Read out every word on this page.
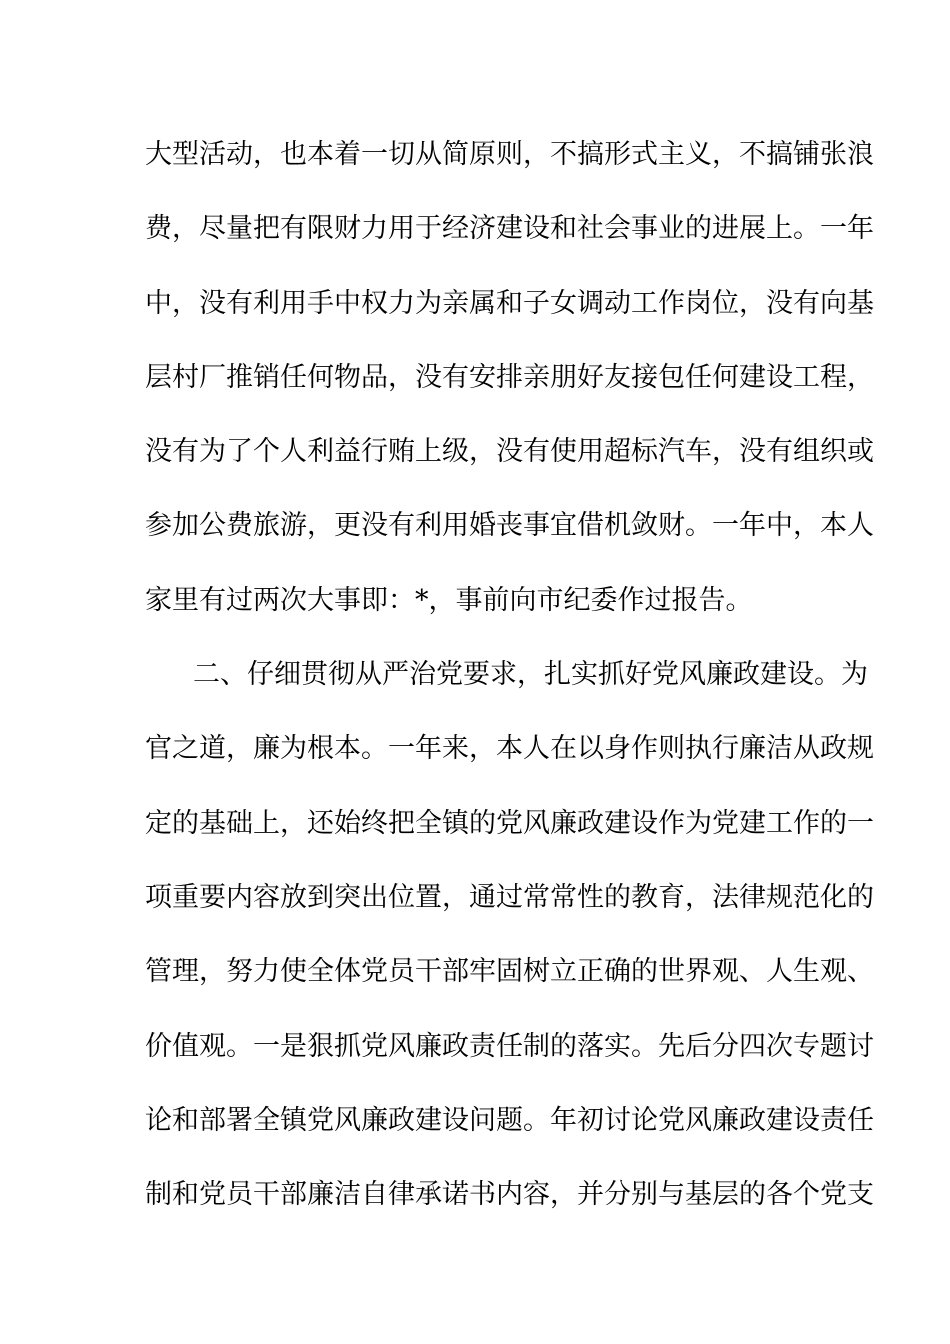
大型活动，也本着一切从简原则，不搞形式主义，不搞铺张浪
费，尽量把有限财力用于经济建设和社会事业的进展上。一年
中，没有利用手中权力为亲属和子女调动工作岗位，没有向基
层村厂推销任何物品，没有安排亲朋好友接包任何建设工程，
没有为了个人利益行贿上级，没有使用超标汽车，没有组织或
参加公费旅游，更没有利用婚丧事宜借机敛财。一年中，本人
家里有过两次大事即：*，事前向市纪委作过报告。
二、仔细贯彻从严治党要求，扎实抓好党风廉政建设。为
官之道，廉为根本。一年来，本人在以身作则执行廉洁从政规
定的基础上，还始终把全镇的党风廉政建设作为党建工作的一
项重要内容放到突出位置，通过常常性的教育，法律规范化的
管理，努力使全体党员干部牢固树立正确的世界观、人生观、
价值观。一是狠抓党风廉政责任制的落实。先后分四次专题讨
论和部署全镇党风廉政建设问题。年初讨论党风廉政建设责任
制和党员干部廉洁自律承诺书内容，并分别与基层的各个党支
